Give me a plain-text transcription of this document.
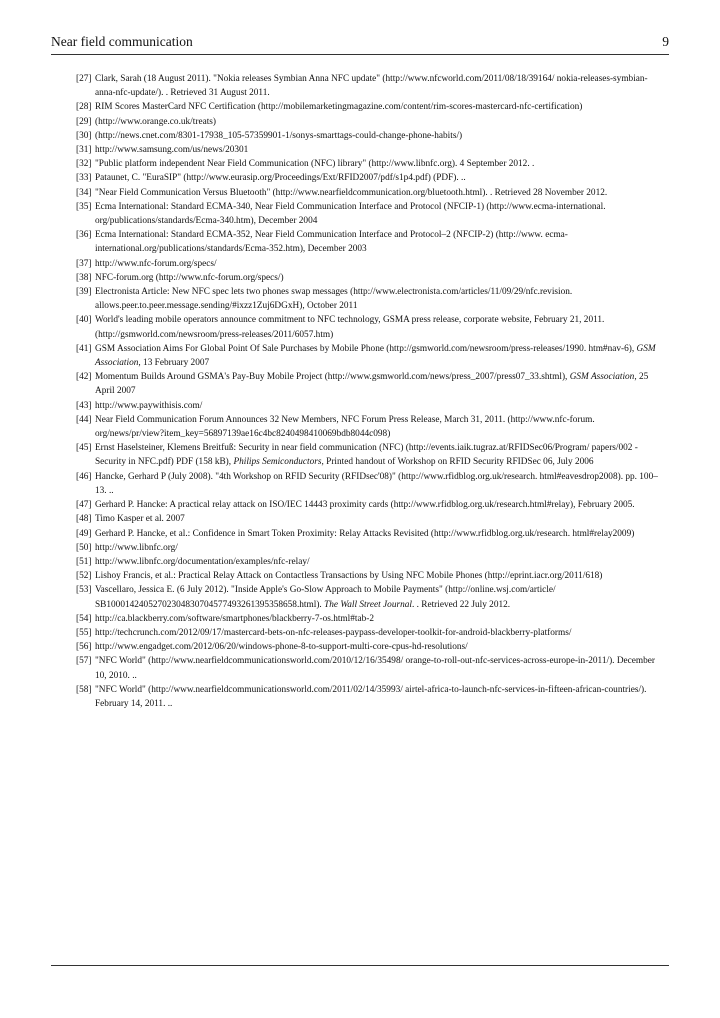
Near field communication	9
[27] Clark, Sarah (18 August 2011). "Nokia releases Symbian Anna NFC update" (http://www.nfcworld.com/2011/08/18/39164/ nokia-releases-symbian-anna-nfc-update/). . Retrieved 31 August 2011.
[28] RIM Scores MasterCard NFC Certification (http://mobilemarketingmagazine.com/content/rim-scores-mastercard-nfc-certification)
[29] (http://www.orange.co.uk/treats)
[30] (http://news.cnet.com/8301-17938_105-57359901-1/sonys-smarttags-could-change-phone-habits/)
[31] http://www.samsung.com/us/news/20301
[32] "Public platform independent Near Field Communication (NFC) library" (http://www.libnfc.org). 4 September 2012. .
[33] Pataunet, C. "EuraSIP" (http://www.eurasip.org/Proceedings/Ext/RFID2007/pdf/s1p4.pdf) (PDF). ..
[34] "Near Field Communication Versus Bluetooth" (http://www.nearfieldcommunication.org/bluetooth.html). . Retrieved 28 November 2012.
[35] Ecma International: Standard ECMA-340, Near Field Communication Interface and Protocol (NFCIP-1) (http://www.ecma-international. org/publications/standards/Ecma-340.htm), December 2004
[36] Ecma International: Standard ECMA-352, Near Field Communication Interface and Protocol–2 (NFCIP-2) (http://www. ecma-international.org/publications/standards/Ecma-352.htm), December 2003
[37] http://www.nfc-forum.org/specs/
[38] NFC-forum.org (http://www.nfc-forum.org/specs/)
[39] Electronista Article: New NFC spec lets two phones swap messages (http://www.electronista.com/articles/11/09/29/nfc.revision. allows.peer.to.peer.message.sending/#ixzz1Zuj6DGxH), October 2011
[40] World's leading mobile operators announce commitment to NFC technology, GSMA press release, corporate website, February 21, 2011. (http://gsmworld.com/newsroom/press-releases/2011/6057.htm)
[41] GSM Association Aims For Global Point Of Sale Purchases by Mobile Phone (http://gsmworld.com/newsroom/press-releases/1990. htm#nav-6), GSM Association, 13 February 2007
[42] Momentum Builds Around GSMA's Pay-Buy Mobile Project (http://www.gsmworld.com/news/press_2007/press07_33.shtml), GSM Association, 25 April 2007
[43] http://www.paywithisis.com/
[44] Near Field Communication Forum Announces 32 New Members, NFC Forum Press Release, March 31, 2011. (http://www.nfc-forum. org/news/pr/view?item_key=56897139ae16c4bc8240498410069bdb8044c098)
[45] Ernst Haselsteiner, Klemens Breitfuß: Security in near field communication (NFC) (http://events.iaik.tugraz.at/RFIDSec06/Program/ papers/002 - Security in NFC.pdf) PDF (158 kB), Philips Semiconductors, Printed handout of Workshop on RFID Security RFIDSec 06, July 2006
[46] Hancke, Gerhard P (July 2008). "4th Workshop on RFID Security (RFIDsec'08)" (http://www.rfidblog.org.uk/research. html#eavesdrop2008). pp. 100–13. ..
[47] Gerhard P. Hancke: A practical relay attack on ISO/IEC 14443 proximity cards (http://www.rfidblog.org.uk/research.html#relay), February 2005.
[48] Timo Kasper et al. 2007
[49] Gerhard P. Hancke, et al.: Confidence in Smart Token Proximity: Relay Attacks Revisited (http://www.rfidblog.org.uk/research. html#relay2009)
[50] http://www.libnfc.org/
[51] http://www.libnfc.org/documentation/examples/nfc-relay/
[52] Lishoy Francis, et al.: Practical Relay Attack on Contactless Transactions by Using NFC Mobile Phones (http://eprint.iacr.org/2011/618)
[53] Vascellaro, Jessica E. (6 July 2012). "Inside Apple's Go-Slow Approach to Mobile Payments" (http://online.wsj.com/article/ SB10001424052702304830704577493261395358658.html). The Wall Street Journal. . Retrieved 22 July 2012.
[54] http://ca.blackberry.com/software/smartphones/blackberry-7-os.html#tab-2
[55] http://techcrunch.com/2012/09/17/mastercard-bets-on-nfc-releases-paypass-developer-toolkit-for-android-blackberry-platforms/
[56] http://www.engadget.com/2012/06/20/windows-phone-8-to-support-multi-core-cpus-hd-resolutions/
[57] "NFC World" (http://www.nearfieldcommunicationsworld.com/2010/12/16/35498/ orange-to-roll-out-nfc-services-across-europe-in-2011/). December 10, 2010. ..
[58] "NFC World" (http://www.nearfieldcommunicationsworld.com/2011/02/14/35993/ airtel-africa-to-launch-nfc-services-in-fifteen-african-countries/). February 14, 2011. ..
